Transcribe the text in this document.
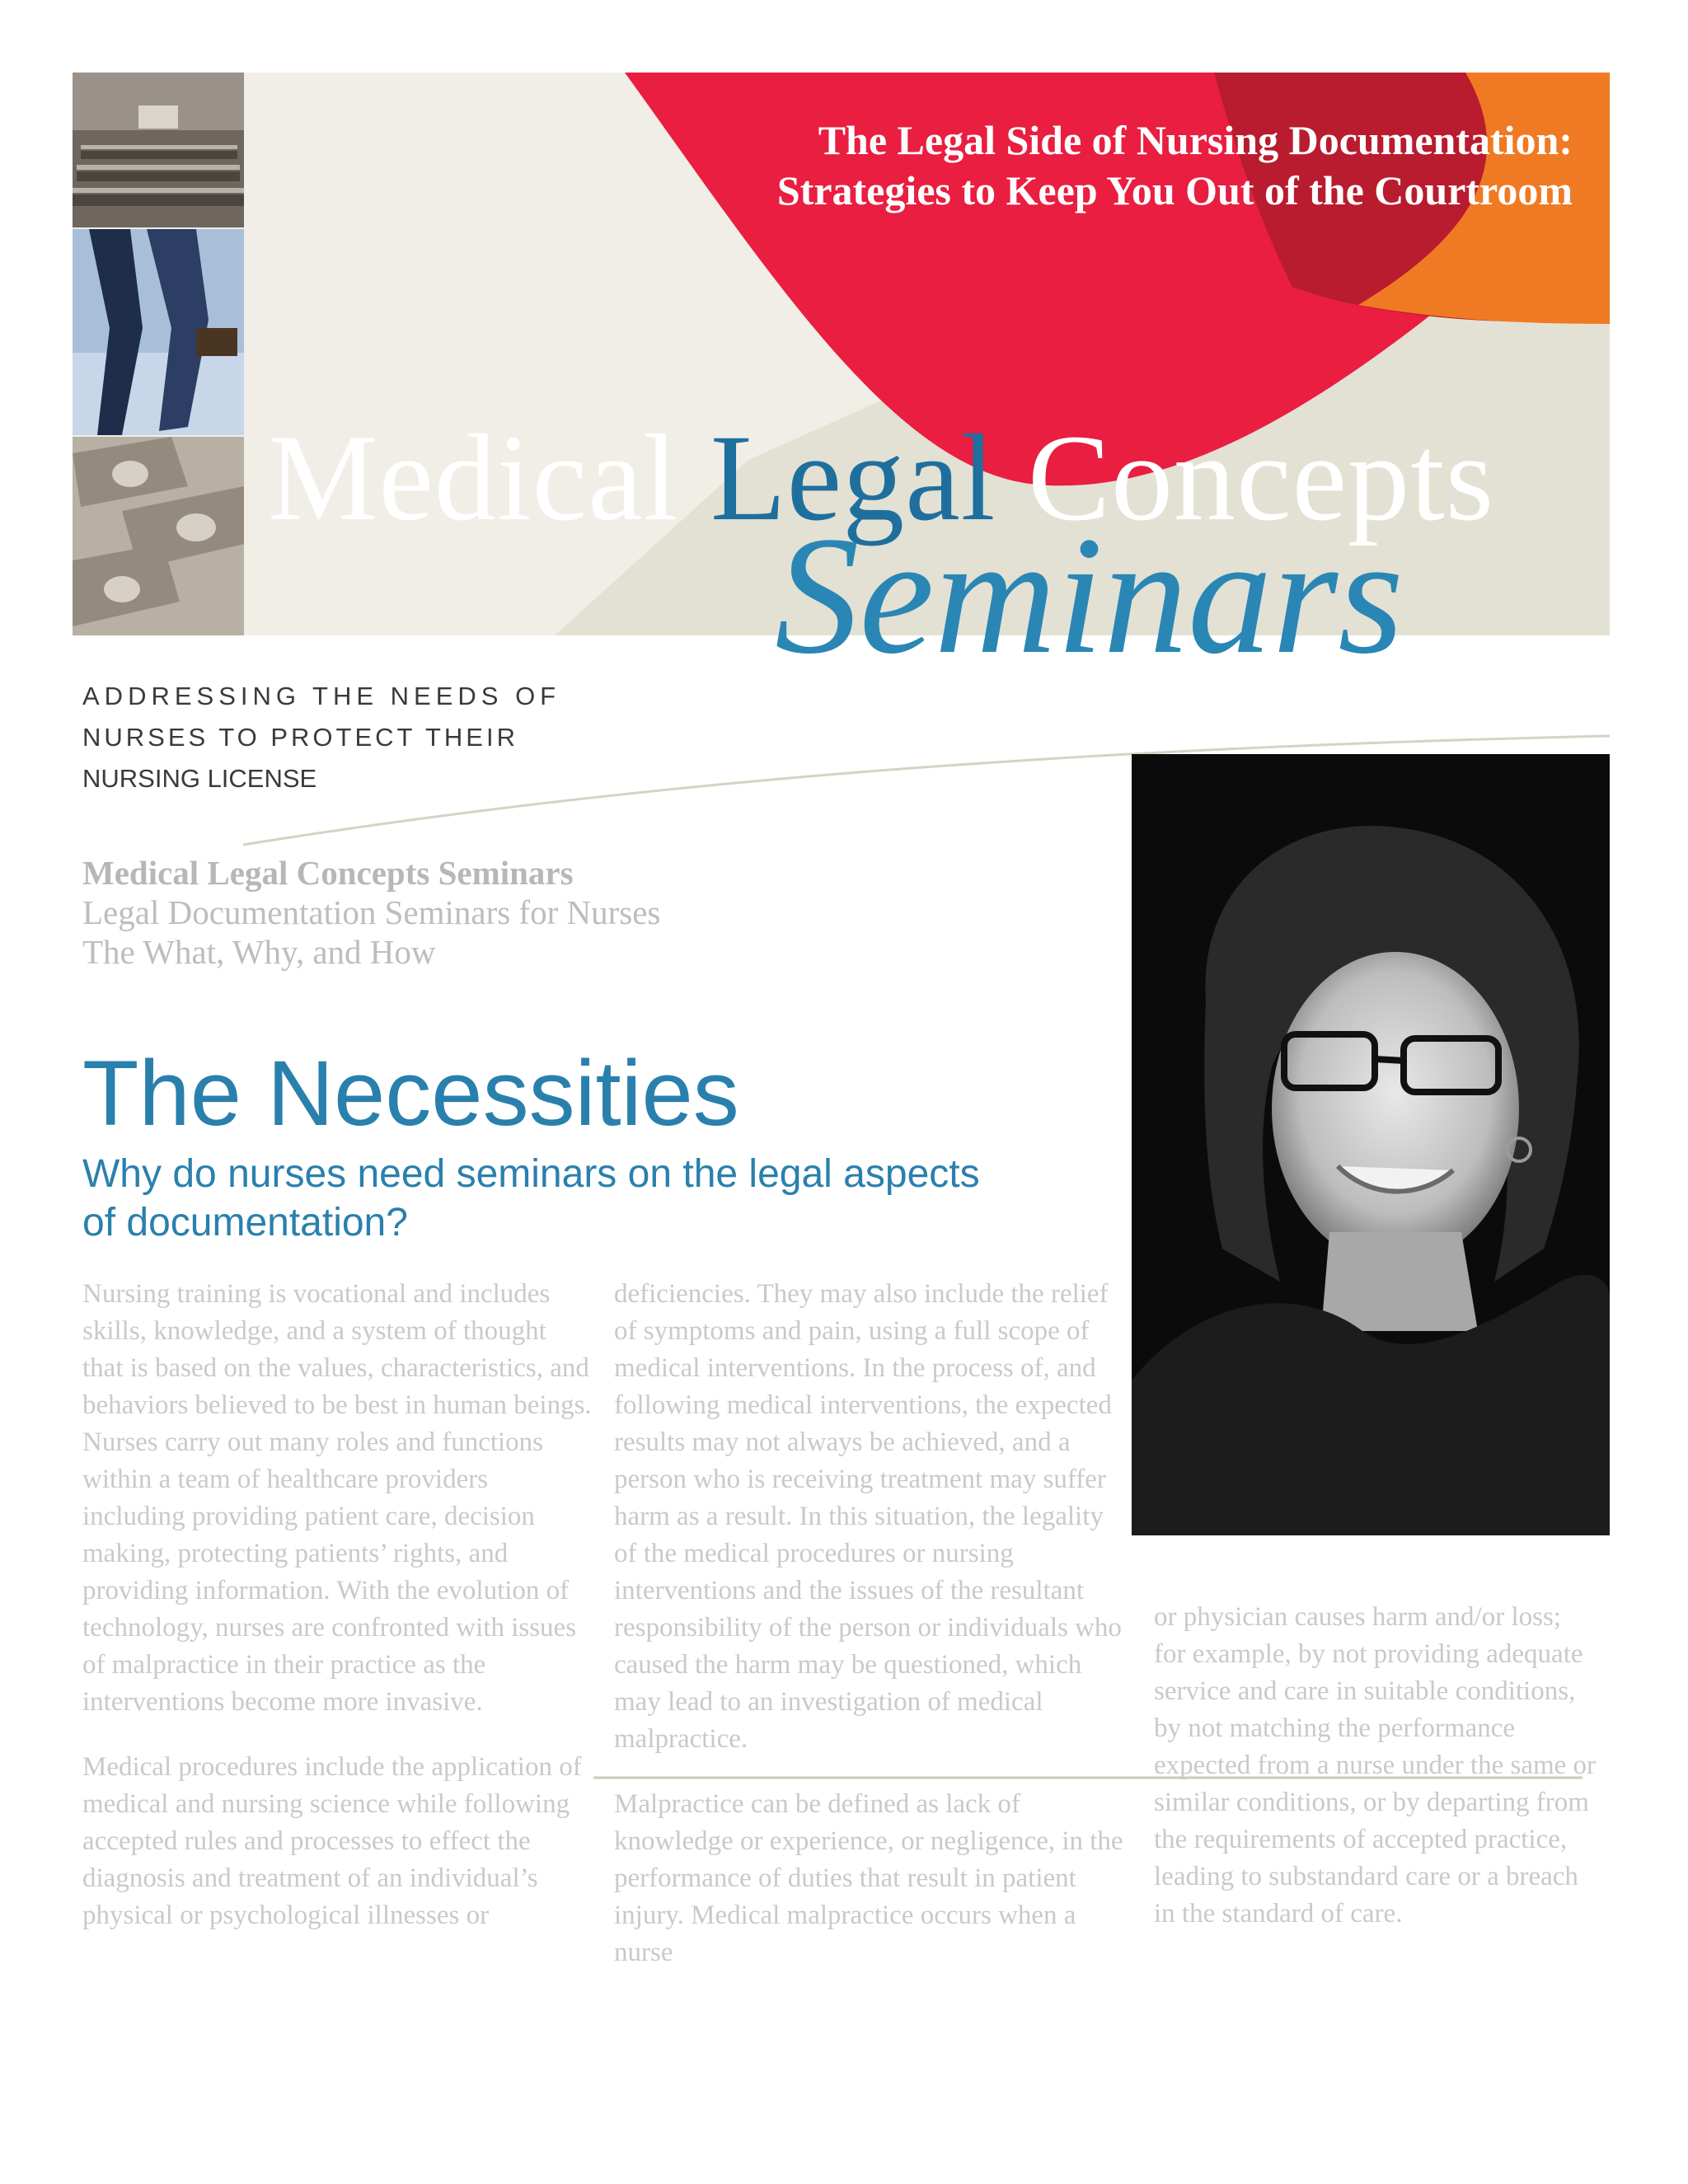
The Legal Side of Nursing Documentation: Strategies to Keep You Out of the Courtroom
Medical Legal Concepts
Seminars
ADDRESSING THE NEEDS OF
NURSES TO PROTECT THEIR
NURSING LICENSE
Medical Legal Concepts Seminars
Legal Documentation Seminars for Nurses
The What, Why, and How
The Necessities
Why do nurses need seminars on the legal aspects of documentation?

Nursing training is vocational and includes skills, knowledge, and a system of thought that is based on the values, characteristics, and behaviors believed to be best in human beings. Nurses carry out many roles and functions within a team of healthcare providers including providing patient care, decision making, protecting patients’ rights, and providing information. With the evolution of technology, nurses are confronted with issues of malpractice in their practice as the interventions become more invasive.

Medical procedures include the application of medical and nursing science while following accepted rules and processes to effect the diagnosis and treatment of an individual’s physical or psychological illnesses or

deficiencies. They may also include the relief of symptoms and pain, using a full scope of medical interventions. In the process of, and following medical interventions, the expected results may not always be achieved, and a person who is receiving treatment may suffer harm as a result. In this situation, the legality of the medical procedures or nursing interventions and the issues of the resultant responsibility of the person or individuals who caused the harm may be questioned, which may lead to an investigation of medical malpractice.

Malpractice can be defined as lack of knowledge or experience, or negligence, in the performance of duties that result in patient injury. Medical malpractice occurs when a nurse

or physician causes harm and/or loss; for example, by not providing adequate service and care in suitable conditions, by not matching the performance expected from a nurse under the same or similar conditions, or by departing from the requirements of accepted practice, leading to substandard care or a breach in the standard of care.
